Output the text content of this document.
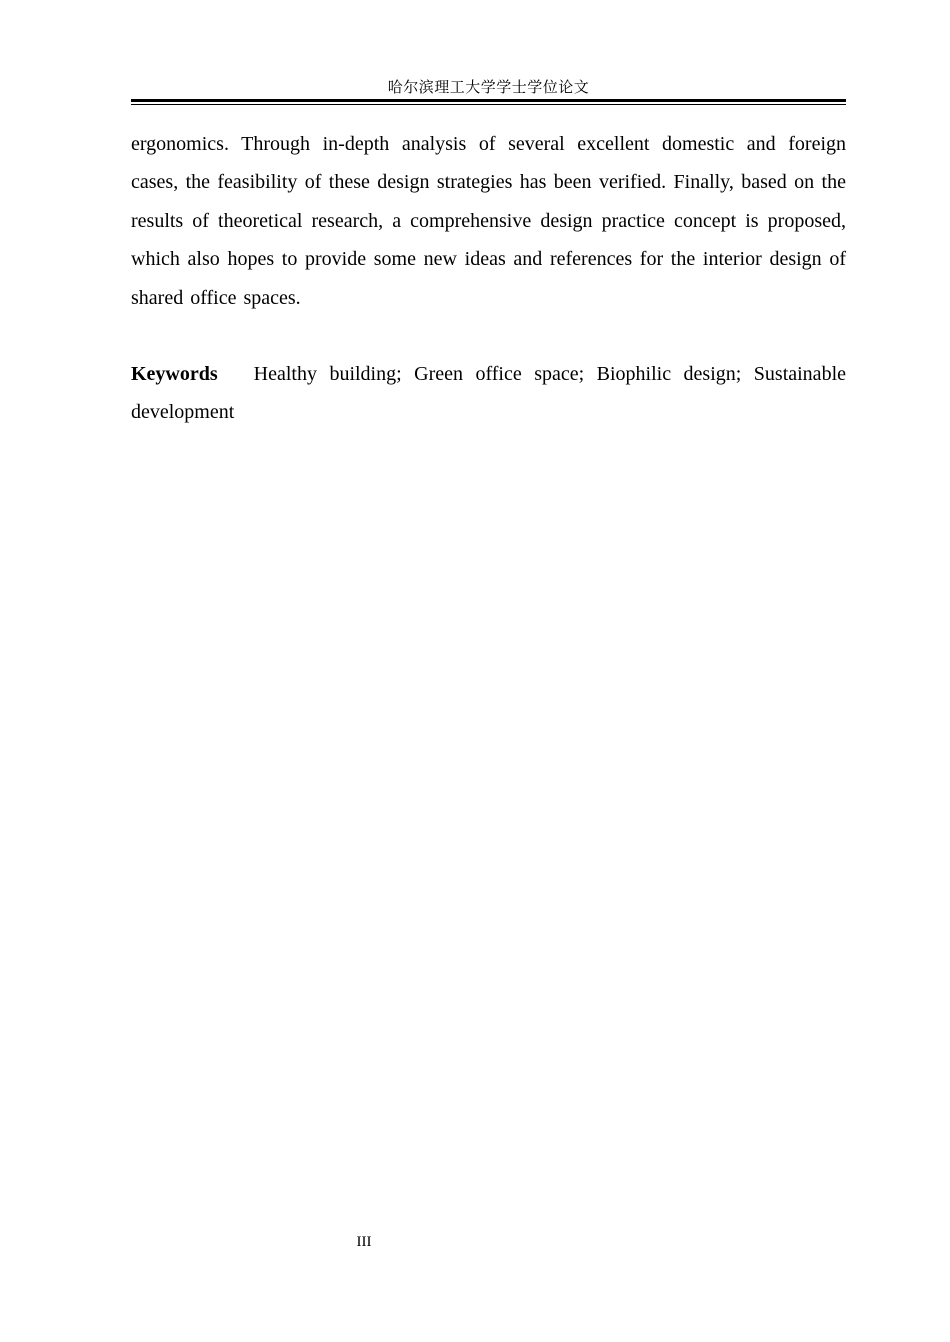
哈尔滨理工大学学士学位论文

ergonomics. Through in-depth analysis of several excellent domestic and foreign cases, the feasibility of these design strategies has been verified. Finally, based on the results of theoretical research, a comprehensive design practice concept is proposed, which also hopes to provide some new ideas and references for the interior design of shared office spaces.

Keywords Healthy building; Green office space; Biophilic design; Sustainable development

III
